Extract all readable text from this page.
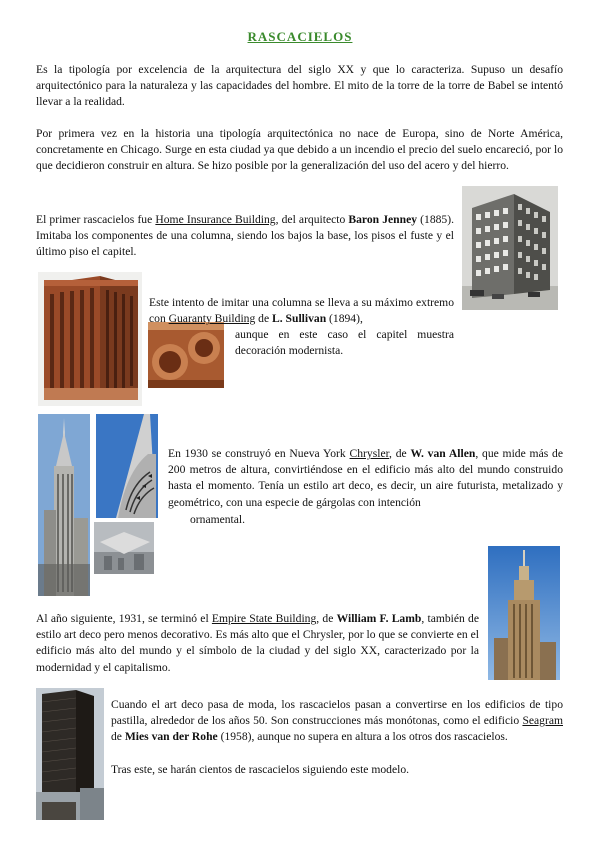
RASCACIELOS

Es la tipología por excelencia de la arquitectura del siglo XX y que lo caracteriza. Supuso un desafío arquitectónico para la naturaleza y las capacidades del hombre. El mito de la torre de la torre de Babel se intentó llevar a la realidad.

Por primera vez en la historia una tipología arquitectónica no nace de Europa, sino de Norte América, concretamente en Chicago. Surge en esta ciudad ya que debido a un incendio el precio del suelo encareció, por lo que decidieron construir en altura. Se hizo posible por la generalización del uso del acero y del hierro.

El primer rascacielos fue Home Insurance Building, del arquitecto Baron Jenney (1885). Imitaba los componentes de una columna, siendo los bajos la base, los pisos el fuste y el último piso el capitel.

Este intento de imitar una columna se lleva a su máximo extremo con Guaranty Building de L. Sullivan (1894),

aunque en este caso el capitel muestra decoración modernista.

En 1930 se construyó en Nueva York Chrysler, de W. van Allen, que mide más de 200 metros de altura, convirtiéndose en el edificio más alto del mundo construido hasta el momento. Tenía un estilo art deco, es decir, un aire futurista, metalizado y geométrico, con una especie de gárgolas con intención

ornamental.

Al año siguiente, 1931, se terminó el Empire State Building, de William F. Lamb, también de estilo art deco pero menos decorativo. Es más alto que el Chrysler, por lo que se convierte en el edificio más alto del mundo y el símbolo de la ciudad y del siglo XX, caracterizado por la modernidad y el capitalismo.

Cuando el art deco pasa de moda, los rascacielos pasan a convertirse en los edificios de tipo pastilla, alrededor de los años 50. Son construcciones más monótonas, como el edificio Seagram de Mies van der Rohe (1958), aunque no supera en altura a los otros dos rascacielos.

Tras este, se harán cientos de rascacielos siguiendo este modelo.
